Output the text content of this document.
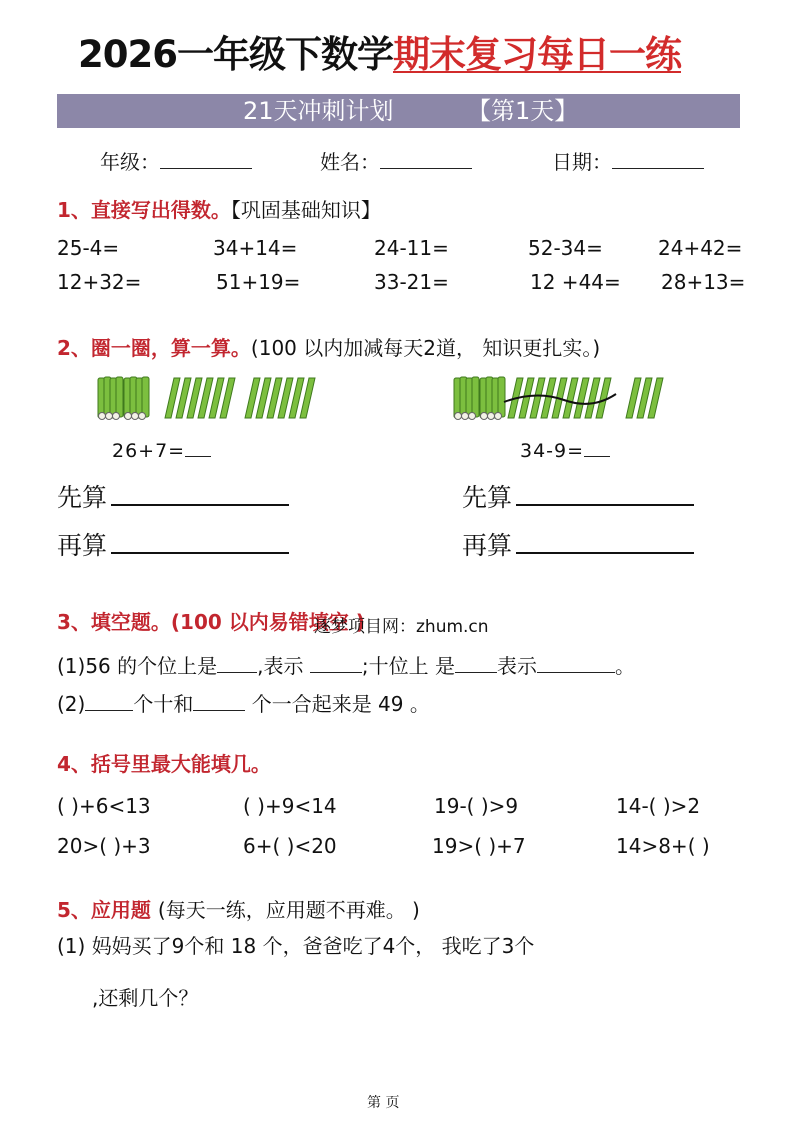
2026一年级下数学期末复习每日一练
21天冲刺计划	【第1天】
年级：	姓名：	日期：
1、直接写出得数。【巩固基础知识】
25-4=	34+14=	24-11=	52-34=	24+42=
12+32=	51+19=	33-21=	12 +44= 28+13=
2、圈一圈，算一算。(100 以内加减每天2道， 知识更扎实。)
26+7=	34-9=
先算
再算
先算
再算
3、填空题。(100 以内易错填空 )
逐梦项目网：zhum.cn
(1)56 的个位上是 ,表示	;十位上 是 表示	。
(2) 个十和	个一合起来是 49 。
4、括号里最大能填几。
( )+6<13	( )+9<14	19-( )>9	14-( )>2
20>( )+3	6+( )<20	19>( )+7	14>8+( )
5、应用题 (每天一练，应用题不再难。 )
(1) 妈妈买了9个和 18 个，爸爸吃了4个， 我吃了3个
,还剩几个？
第 页
